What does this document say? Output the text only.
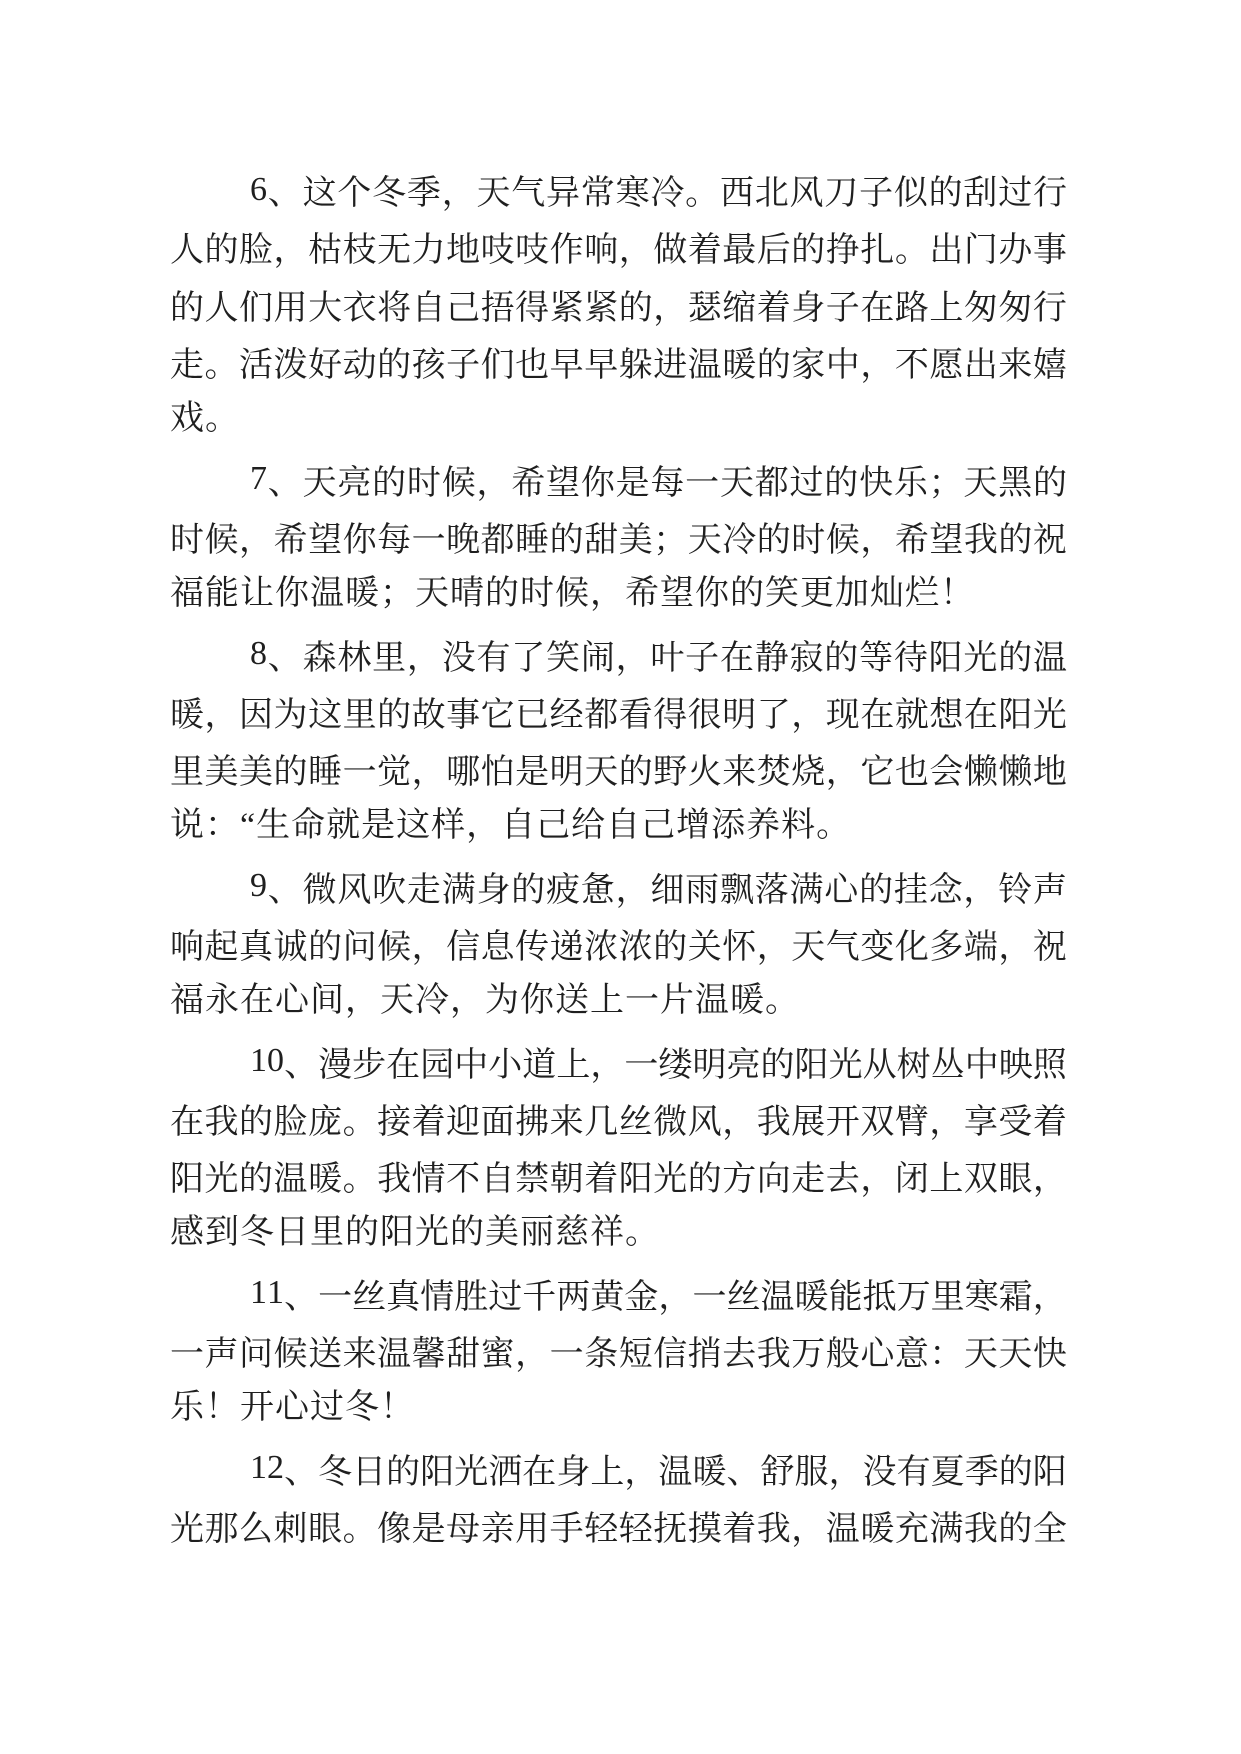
6 、 这 个 冬 季 ， 天 气 异 常 寒 冷 。 西 北 风 刀 子 似 的 刮 过 行
人 的 脸 ， 枯 枝 无 力 地 吱 吱 作 响 ， 做 着 最 后 的 挣 扎 。 出 门 办 事
的 人 们 用 大 衣 将 自 己 捂 得 紧 紧 的 ， 瑟 缩 着 身 子 在 路 上 匆 匆 行
走 。 活 泼 好 动 的 孩 子 们 也 早 早 躲 进 温 暖 的 家 中 ， 不 愿 出 来 嬉
戏。
7 、 天 亮 的 时 候 ， 希 望 你 是 每 一 天 都 过 的 快 乐 ； 天 黑 的
时 候 ， 希 望 你 每 一 晚 都 睡 的 甜 美 ； 天 冷 的 时 候 ， 希 望 我 的 祝
福能让你温暖；天晴的时候，希望你的笑更加灿烂！
8 、 森 林 里 ， 没 有 了 笑 闹 ， 叶 子 在 静 寂 的 等 待 阳 光 的 温
暖 ， 因 为 这 里 的 故 事 它 已 经 都 看 得 很 明 了 ， 现 在 就 想 在 阳 光
里 美 美 的 睡 一 觉 ， 哪 怕 是 明 天 的 野 火 来 焚 烧 ， 它 也 会 懒 懒 地
说：“生命就是这样，自己给自己增添养料。
9 、 微 风 吹 走 满 身 的 疲 惫 ， 细 雨 飘 落 满 心 的 挂 念 ， 铃 声
响 起 真 诚 的 问 候 ， 信 息 传 递 浓 浓 的 关 怀 ， 天 气 变 化 多 端 ， 祝
福永在心间，天冷，为你送上一片温暖。
1 0 、 漫 步 在 园 中 小 道 上 ， 一 缕 明 亮 的 阳 光 从 树 丛 中 映 照
在 我 的 脸 庞 。 接 着 迎 面 拂 来 几 丝 微 风 ， 我 展 开 双 臂 ， 享 受 着
阳 光 的 温 暖 。 我 情 不 自 禁 朝 着 阳 光 的 方 向 走 去 ， 闭 上 双 眼 ，
感到冬日里的阳光的美丽慈祥。
1 1 、 一 丝 真 情 胜 过 千 两 黄 金 ， 一 丝 温 暖 能 抵 万 里 寒 霜 ，
一 声 问 候 送 来 温 馨 甜 蜜 ， 一 条 短 信 捎 去 我 万 般 心 意 ： 天 天 快
乐！开心过冬！
1 2 、 冬 日 的 阳 光 洒 在 身 上 ， 温 暖 、 舒 服 ， 没 有 夏 季 的 阳
光 那 么 刺 眼 。 像 是 母 亲 用 手 轻 轻 抚 摸 着 我 ， 温 暖 充 满 我 的 全
